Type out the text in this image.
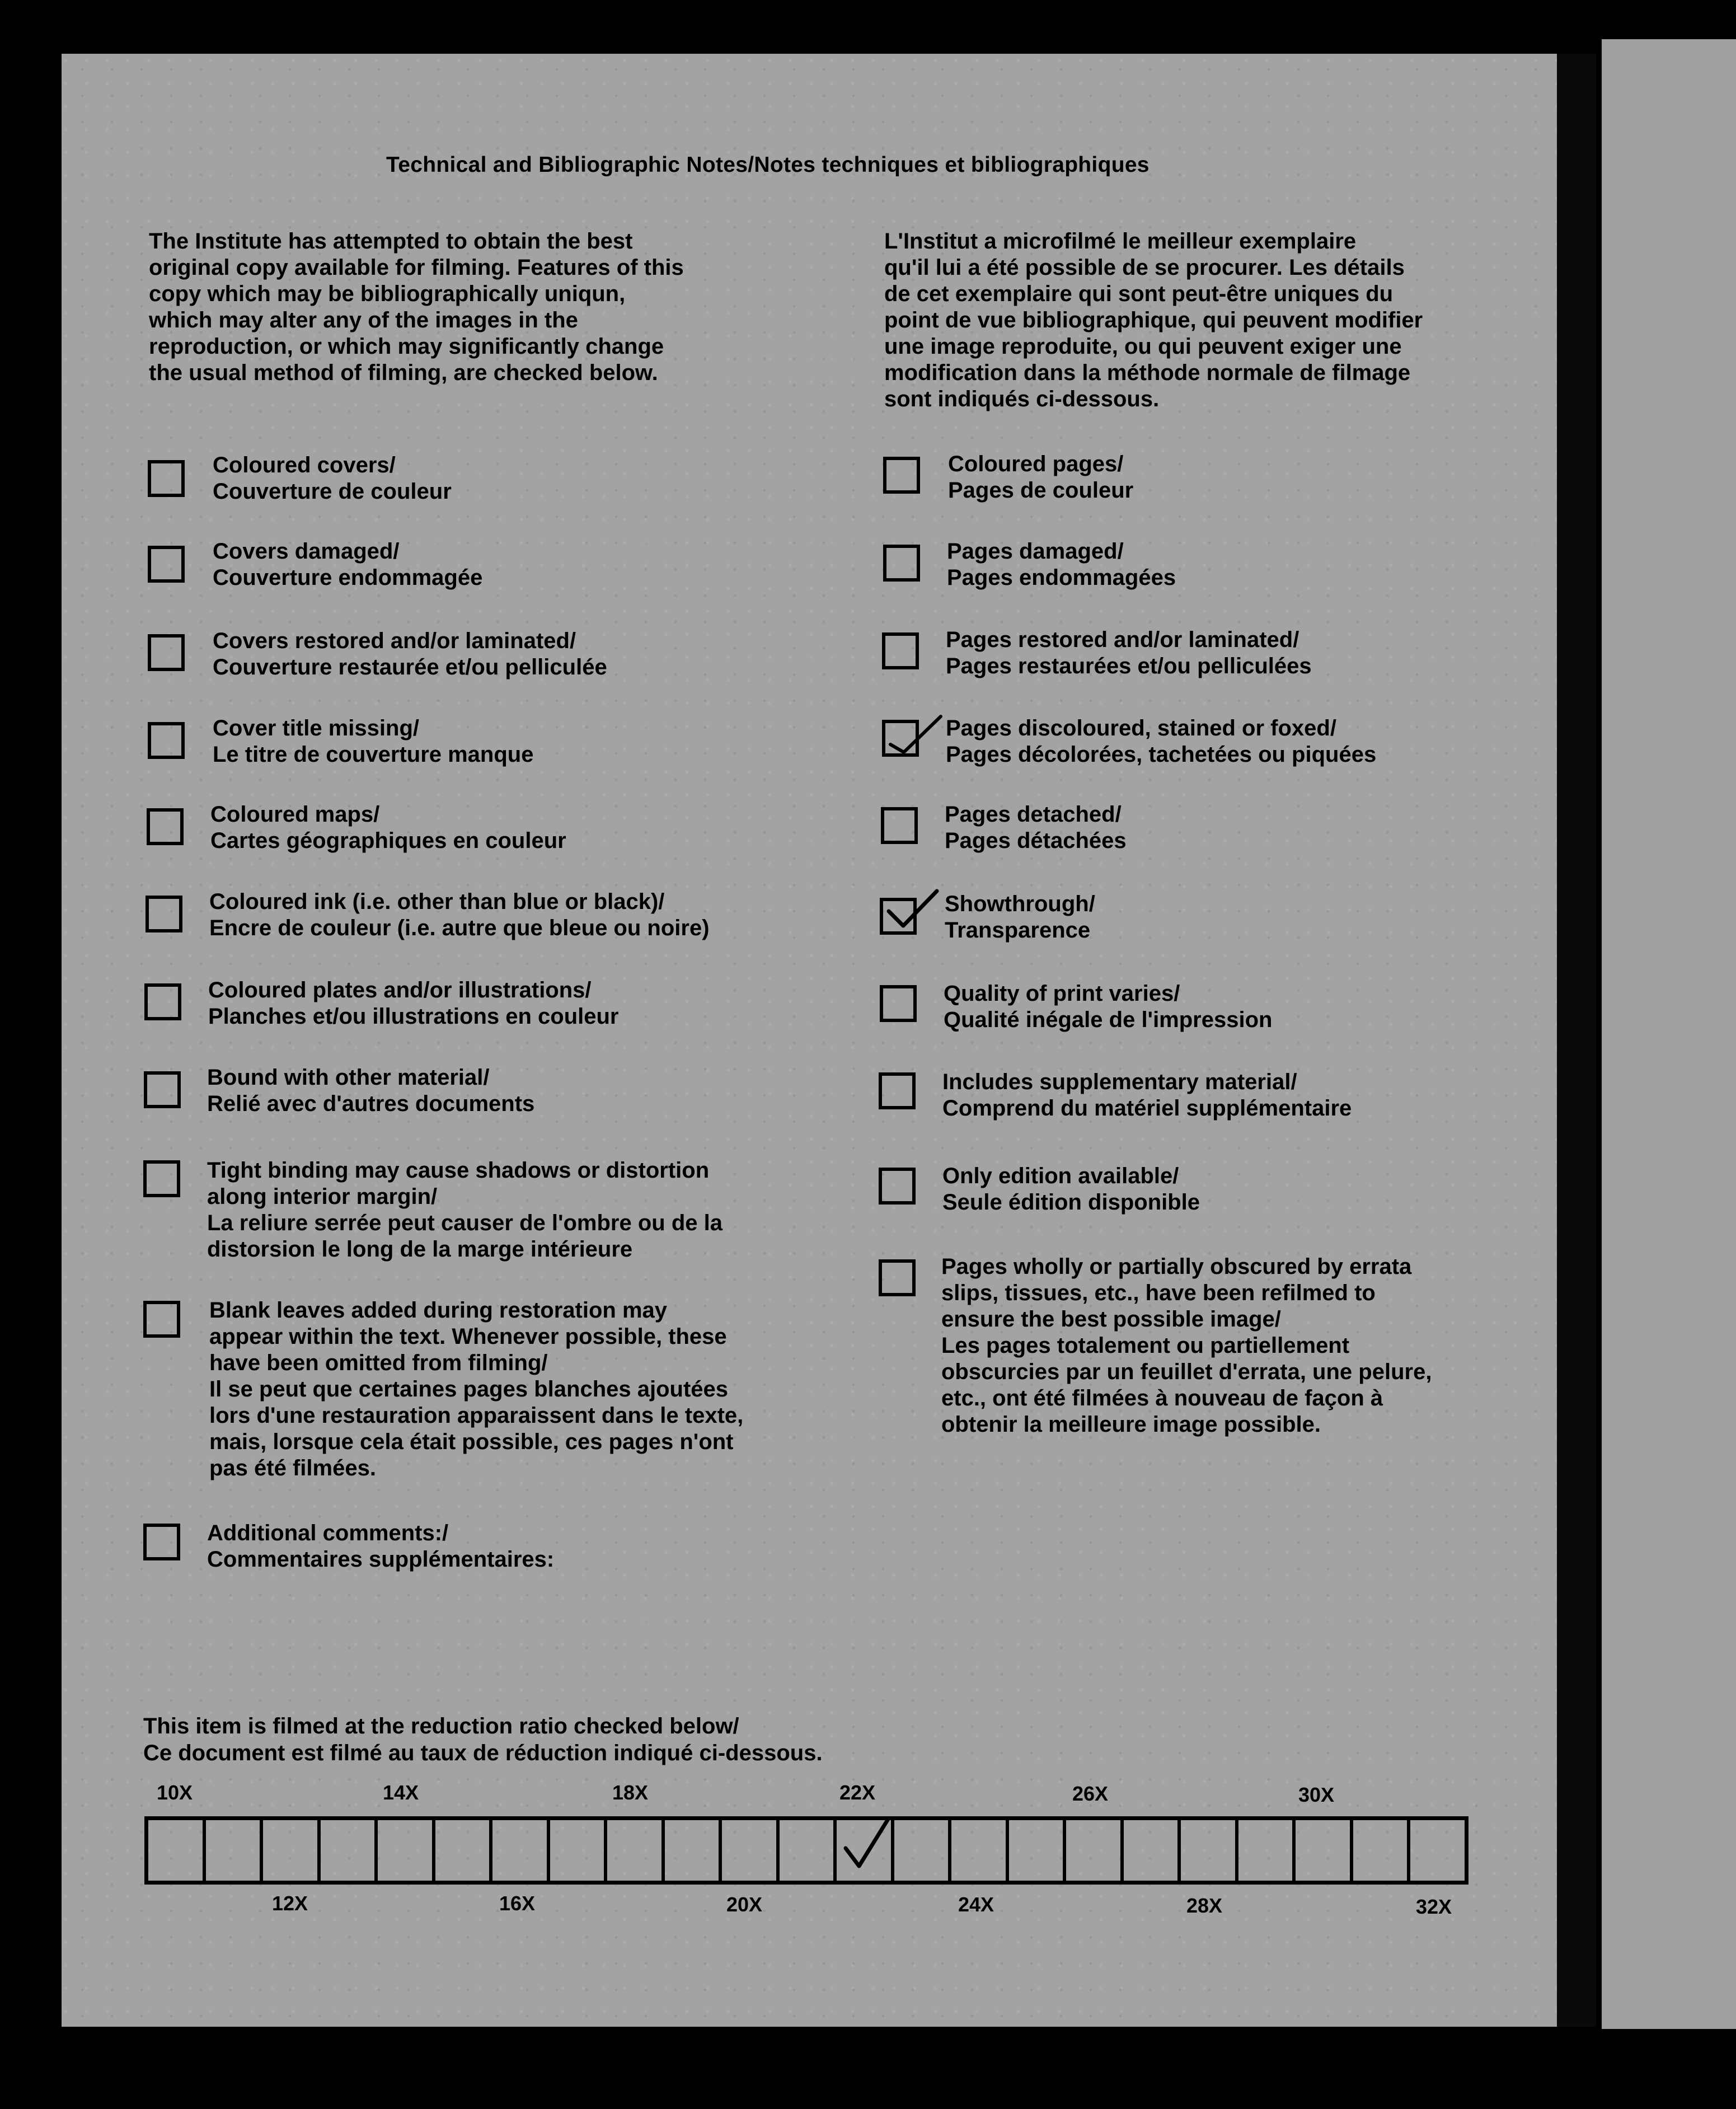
Technical and Bibliographic Notes/Notes techniques et bibliographiques
The Institute has attempted to obtain the best
original copy available for filming. Features of this
copy which may be bibliographically uniqun,
which may alter any of the images in the
reproduction, or which may significantly change
the usual method of filming, are checked below.
L'Institut a microfilmé le meilleur exemplaire
qu'il lui a été possible de se procurer. Les détails
de cet exemplaire qui sont peut-être uniques du
point de vue bibliographique, qui peuvent modifier
une image reproduite, ou qui peuvent exiger une
modification dans la méthode normale de filmage
sont indiqués ci-dessous.
Coloured covers/
Couverture de couleur
Covers damaged/
Couverture endommagée
Covers restored and/or laminated/
Couverture restaurée et/ou pelliculée
Cover title missing/
Le titre de couverture manque
Coloured maps/
Cartes géographiques en couleur
Coloured ink (i.e. other than blue or black)/
Encre de couleur (i.e. autre que bleue ou noire)
Coloured plates and/or illustrations/
Planches et/ou illustrations en couleur
Bound with other material/
Relié avec d'autres documents
Tight binding may cause shadows or distortion
along interior margin/
La reliure serrée peut causer de l'ombre ou de la
distorsion le long de la marge intérieure
Blank leaves added during restoration may
appear within the text. Whenever possible, these
have been omitted from filming/
Il se peut que certaines pages blanches ajoutées
lors d'une restauration apparaissent dans le texte,
mais, lorsque cela était possible, ces pages n'ont
pas été filmées.
Additional comments:/
Commentaires supplémentaires:
Coloured pages/
Pages de couleur
Pages damaged/
Pages endommagées
Pages restored and/or laminated/
Pages restaurées et/ou pelliculées
Pages discoloured, stained or foxed/
Pages décolorées, tachetées ou piquées
Pages detached/
Pages détachées
Showthrough/
Transparence
Quality of print varies/
Qualité inégale de l'impression
Includes supplementary material/
Comprend du matériel supplémentaire
Only edition available/
Seule édition disponible
Pages wholly or partially obscured by errata
slips, tissues, etc., have been refilmed to
ensure the best possible image/
Les pages totalement ou partiellement
obscurcies par un feuillet d'errata, une pelure,
etc., ont été filmées à nouveau de façon à
obtenir la meilleure image possible.
This item is filmed at the reduction ratio checked below/
Ce document est filmé au taux de réduction indiqué ci-dessous.
10X	14X	18X	22X	26X	30X
12X	16X	20X	24X	28X	32X
